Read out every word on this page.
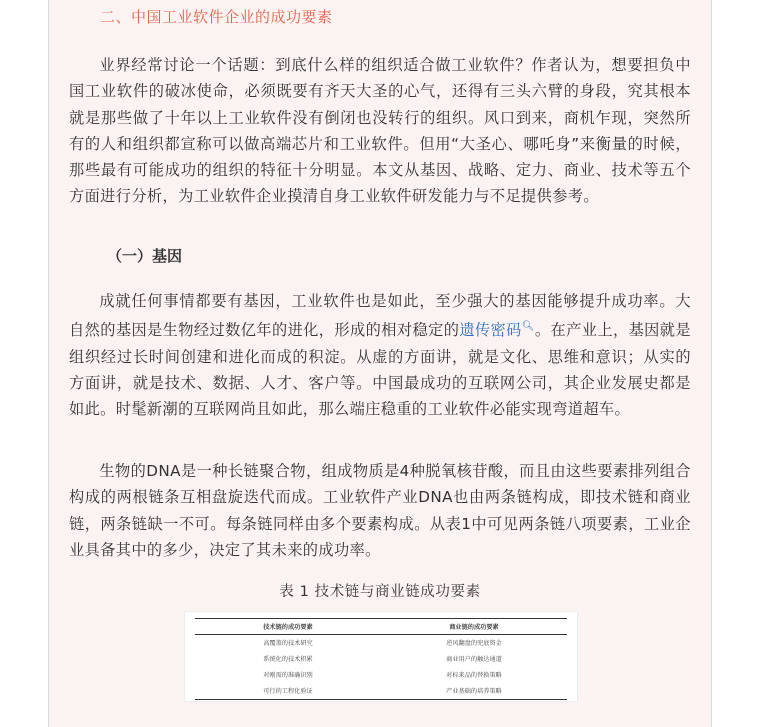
二、中国工业软件企业的成功要素

业界经常讨论一个话题：到底什么样的组织适合做工业软件？作者认为，想要担负中国工业软件的破冰使命，必须既要有齐天大圣的心气，还得有三头六臂的身段，究其根本就是那些做了十年以上工业软件没有倒闭也没转行的组织。风口到来，商机乍现，突然所有的人和组织都宣称可以做高端芯片和工业软件。但用“大圣心、哪吒身”来衡量的时候，那些最有可能成功的组织的特征十分明显。本文从基因、战略、定力、商业、技术等五个方面进行分析，为工业软件企业摸清自身工业软件研发能力与不足提供参考。

（一）基因

成就任何事情都要有基因，工业软件也是如此，至少强大的基因能够提升成功率。大自然的基因是生物经过数亿年的进化，形成的相对稳定的遗传密码🔍︎。在产业上，基因就是组织经过长时间创建和进化而成的积淀。从虚的方面讲，就是文化、思维和意识；从实的方面讲，就是技术、数据、人才、客户等。中国最成功的互联网公司，其企业发展史都是如此。时髦新潮的互联网尚且如此，那么端庄稳重的工业软件必能实现弯道超车。

生物的DNA是一种长链聚合物，组成物质是4种脱氧核苷酸，而且由这些要素排列组合构成的两根链条互相盘旋迭代而成。工业软件产业DNA也由两条链构成，即技术链和商业链，两条链缺一不可。每条链同样由多个要素构成。从表1中可见两条链八项要素，工业企业具备其中的多少，决定了其未来的成功率。

表 1 技术链与商业链成功要素
技术链的成功要素	商业链的成功要素
高覆盖的技术研究	逆风翻盘的兜底资金
系统化的技术积累	商业用户的触达通道
对刚需的准确识别	对标来品的替换策略
可行的工程化验证	产业基础的培养策略
